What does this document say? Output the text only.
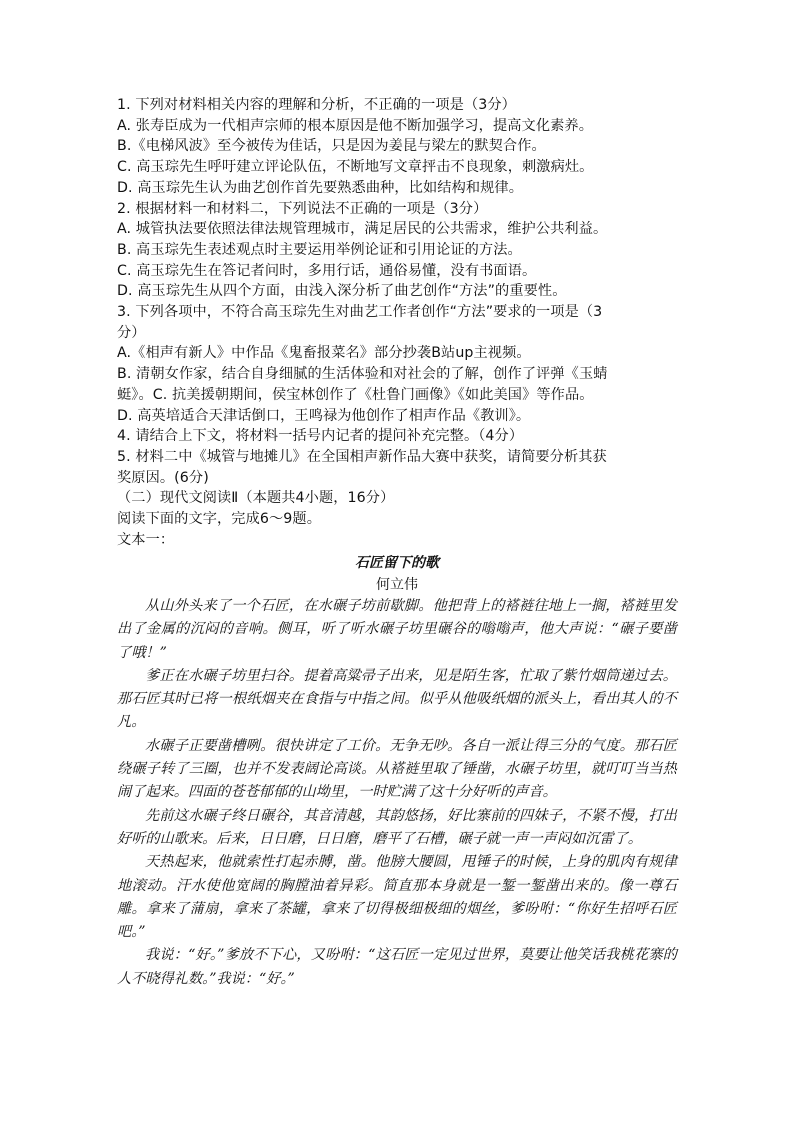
1. 下列对材料相关内容的理解和分析，不正确的一项是（3分）
A. 张寿臣成为一代相声宗师的根本原因是他不断加强学习，提高文化素养。
B.《电梯风波》至今被传为佳话，只是因为姜昆与梁左的默契合作。
C. 高玉琮先生呼吁建立评论队伍，不断地写文章抨击不良现象，刺激病灶。
D. 高玉琮先生认为曲艺创作首先要熟悉曲种，比如结构和规律。
2. 根据材料一和材料二，下列说法不正确的一项是（3分）
A. 城管执法要依照法律法规管理城市，满足居民的公共需求，维护公共利益。
B. 高玉琮先生表述观点时主要运用举例论证和引用论证的方法。
C. 高玉琮先生在答记者问时，多用行话，通俗易懂，没有书面语。
D. 高玉琮先生从四个方面，由浅入深分析了曲艺创作“方法”的重要性。
3. 下列各项中，不符合高玉琮先生对曲艺工作者创作“方法”要求的一项是（3
分）
A.《相声有新人》中作品《鬼畜报菜名》部分抄袭B站up主视频。
B. 清朝女作家，结合自身细腻的生活体验和对社会的了解，创作了评弹《玉蜻
蜓》。C. 抗美援朝期间，侯宝林创作了《杜鲁门画像》《如此美国》等作品。
D. 高英培适合天津话倒口，王鸣禄为他创作了相声作品《教训》。
4. 请结合上下文，将材料一括号内记者的提问补充完整。（4分）
5. 材料二中《城管与地摊儿》在全国相声新作品大赛中获奖，请简要分析其获
奖原因。(6分)
（二）现代文阅读Ⅱ（本题共4小题，16分）
阅读下面的文字，完成6～9题。
文本一：
石匠留下的歌
何立伟

从山外头来了一个石匠，在水碾子坊前歇脚。他把背上的褡裢往地上一搁，褡裢里发出了金属的沉闷的音响。侧耳，听了听水碾子坊里碾谷的嗡嗡声，他大声说：“碾子要凿了哦！”

爹正在水碾子坊里扫谷。提着高粱帚子出来，见是陌生客，忙取了紫竹烟筒递过去。那石匠其时已将一根纸烟夹在食指与中指之间。似乎从他吸纸烟的派头上，看出其人的不凡。

水碾子正要凿槽咧。很快讲定了工价。无争无吵。各自一派让得三分的气度。那石匠绕碾子转了三圈，也并不发表阔论高谈。从褡裢里取了锤凿，水碾子坊里，就叮叮当当热闹了起来。四面的苍苍郁郁的山坳里，一时贮满了这十分好听的声音。

先前这水碾子终日碾谷，其音清越，其韵悠扬，好比寨前的四妹子，不紧不慢，打出好听的山歌来。后来，日日磨，日日磨，磨平了石槽，碾子就一声一声闷如沉雷了。

天热起来，他就索性打起赤膊，凿。他膀大腰圆，甩锤子的时候，上身的肌肉有规律地滚动。汗水使他宽阔的胸膛油着异彩。简直那本身就是一錾一錾凿出来的。像一尊石雕。拿来了蒲扇，拿来了茶罐，拿来了切得极细极细的烟丝，爹吩咐：“你好生招呼石匠吧。”

我说：“好。”爹放不下心，又吩咐：“这石匠一定见过世界，莫要让他笑话我桃花寨的人不晓得礼数。”我说：“好。”
